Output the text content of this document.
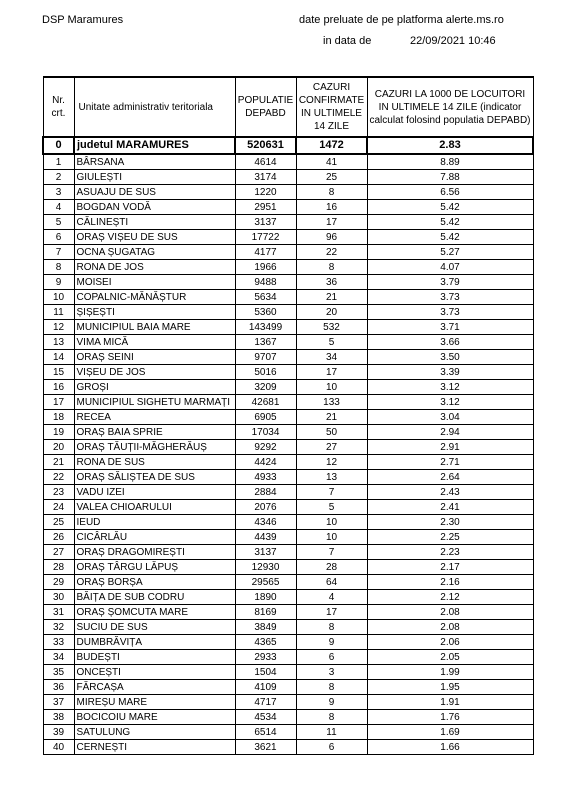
DSP Maramures	date preluate de pe platforma alerte.ms.ro
in data de	22/09/2021 10:46
Nr. crt.	Unitate administrativ teritoriala	POPULATIE DEPABD	CAZURI CONFIRMATE IN ULTIMELE 14 ZILE	CAZURI LA 1000 DE LOCUITORI IN ULTIMELE 14 ZILE (indicator calculat folosind populatia DEPABD)
0	judetul MARAMURES	520631	1472	2.83
1	BÂRSANA	4614	41	8.89
2	GIULEȘTI	3174	25	7.88
3	ASUAJU DE SUS	1220	8	6.56
4	BOGDAN VODĂ	2951	16	5.42
5	CĂLINEȘTI	3137	17	5.42
6	ORAȘ VIȘEU DE SUS	17722	96	5.42
7	OCNA ȘUGATAG	4177	22	5.27
8	RONA DE JOS	1966	8	4.07
9	MOISEI	9488	36	3.79
10	COPALNIC-MĂNĂȘTUR	5634	21	3.73
11	ȘIȘEȘTI	5360	20	3.73
12	MUNICIPIUL BAIA MARE	143499	532	3.71
13	VIMA MICĂ	1367	5	3.66
14	ORAȘ SEINI	9707	34	3.50
15	VIȘEU DE JOS	5016	17	3.39
16	GROȘI	3209	10	3.12
17	MUNICIPIUL SIGHETU MARMAȚI	42681	133	3.12
18	RECEA	6905	21	3.04
19	ORAȘ BAIA SPRIE	17034	50	2.94
20	ORAȘ TĂUȚII-MĂGHERĂUȘ	9292	27	2.91
21	RONA DE SUS	4424	12	2.71
22	ORAȘ SĂLIȘTEA DE SUS	4933	13	2.64
23	VADU IZEI	2884	7	2.43
24	VALEA CHIOARULUI	2076	5	2.41
25	IEUD	4346	10	2.30
26	CICÂRLĂU	4439	10	2.25
27	ORAȘ DRAGOMIREȘTI	3137	7	2.23
28	ORAȘ TÂRGU LĂPUȘ	12930	28	2.17
29	ORAȘ BORȘA	29565	64	2.16
30	BĂIȚA DE SUB CODRU	1890	4	2.12
31	ORAȘ ȘOMCUTA MARE	8169	17	2.08
32	SUCIU DE SUS	3849	8	2.08
33	DUMBRĂVIȚA	4365	9	2.06
34	BUDEȘTI	2933	6	2.05
35	ONCEȘTI	1504	3	1.99
36	FĂRCAȘA	4109	8	1.95
37	MIREȘU MARE	4717	9	1.91
38	BOCICOIU MARE	4534	8	1.76
39	SATULUNG	6514	11	1.69
40	CERNEȘTI	3621	6	1.66
